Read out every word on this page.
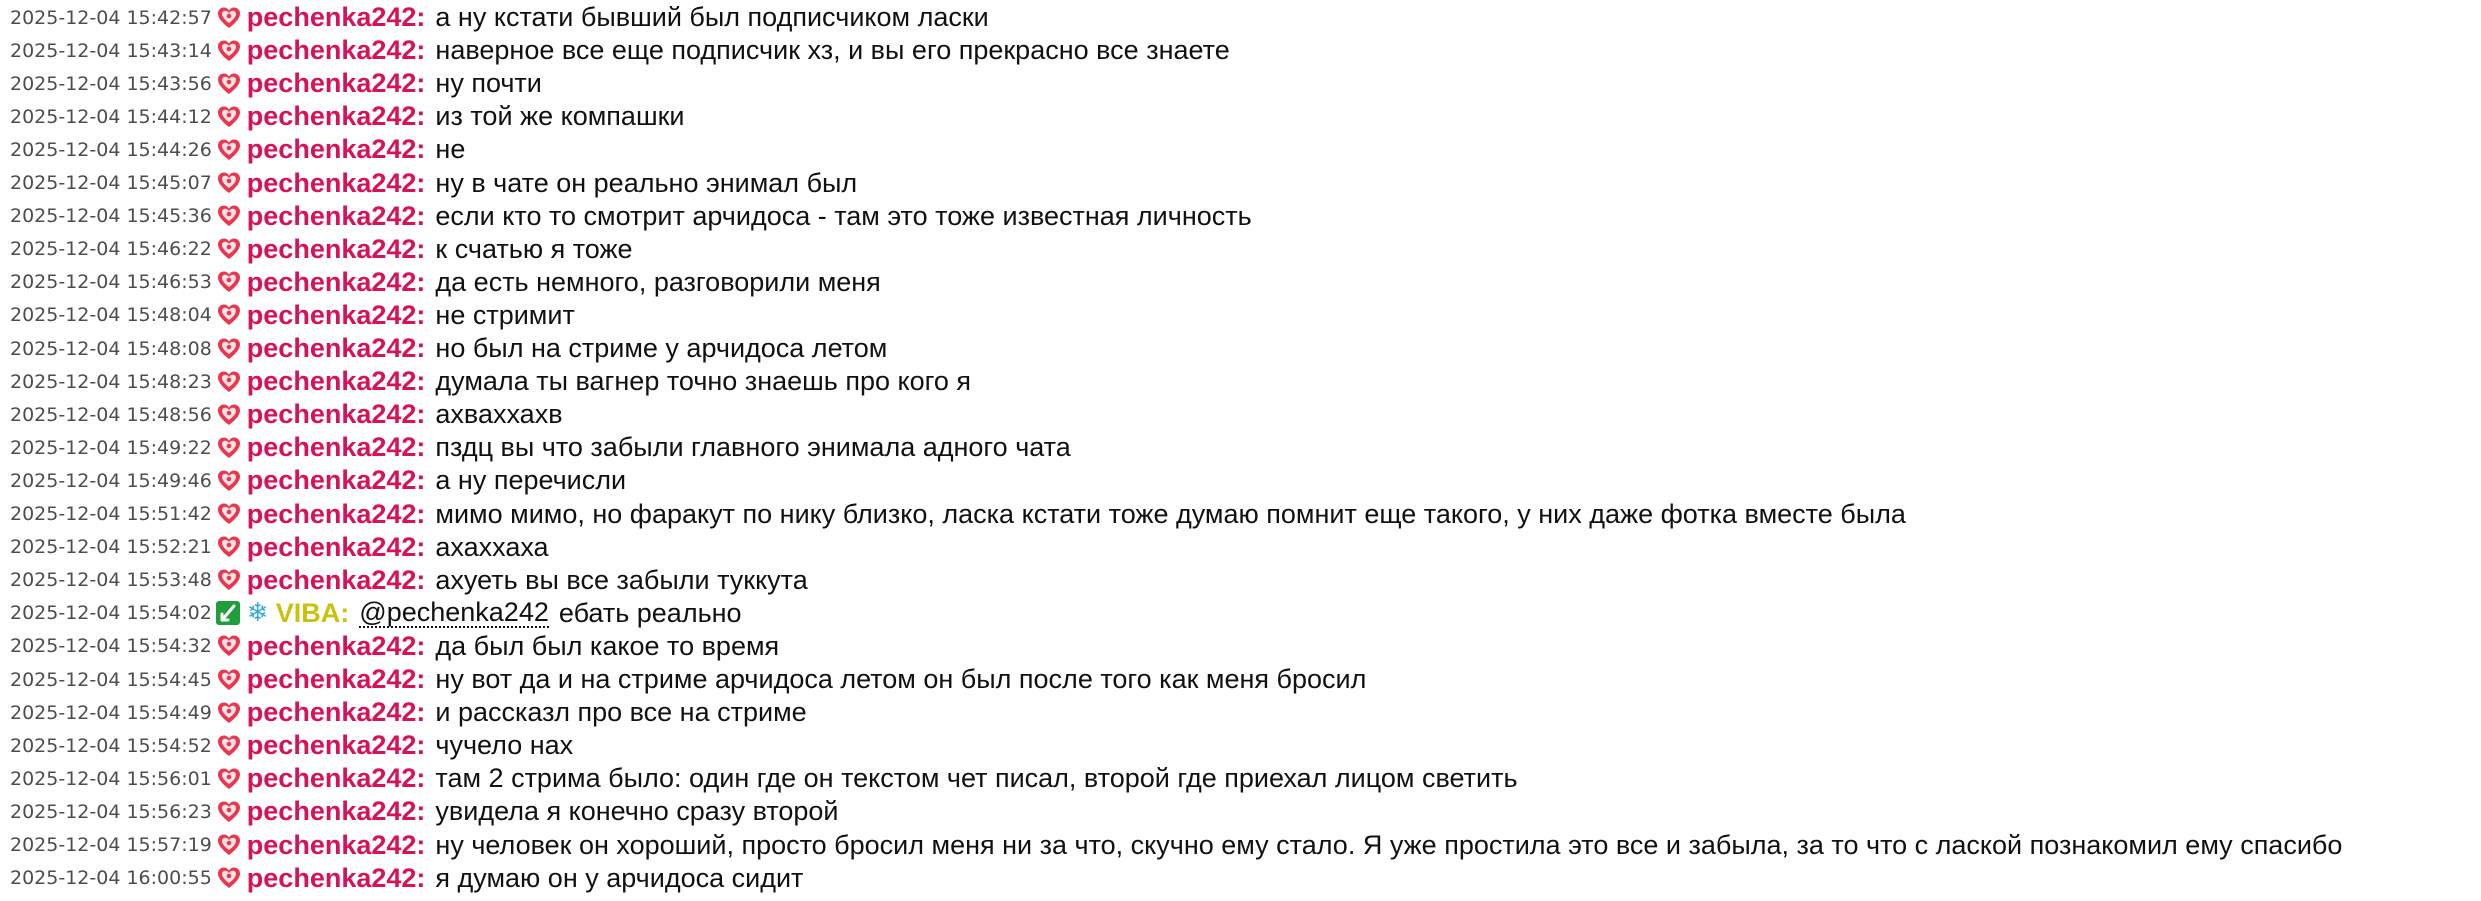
2025-12-04 15:42:57 pechenka242: а ну кстати бывший был подписчиком ласки
2025-12-04 15:43:14 pechenka242: наверное все еще подписчик хз, и вы его прекрасно все знаете
2025-12-04 15:43:56 pechenka242: ну почти
2025-12-04 15:44:12 pechenka242: из той же компашки
2025-12-04 15:44:26 pechenka242: не
2025-12-04 15:45:07 pechenka242: ну в чате он реально энимал был
2025-12-04 15:45:36 pechenka242: если кто то смотрит арчидоса - там это тоже известная личность
2025-12-04 15:46:22 pechenka242: к счатью я тоже
2025-12-04 15:46:53 pechenka242: да есть немного, разговорили меня
2025-12-04 15:48:04 pechenka242: не стримит
2025-12-04 15:48:08 pechenka242: но был на стриме у арчидоса летом
2025-12-04 15:48:23 pechenka242: думала ты вагнер точно знаешь про кого я
2025-12-04 15:48:56 pechenka242: ахваххахв
2025-12-04 15:49:22 pechenka242: пздц вы что забыли главного энимала адного чата
2025-12-04 15:49:46 pechenka242: а ну перечисли
2025-12-04 15:51:42 pechenka242: мимо мимо, но фаракут по нику близко, ласка кстати тоже думаю помнит еще такого, у них даже фотка вместе была
2025-12-04 15:52:21 pechenka242: ахаххаха
2025-12-04 15:53:48 pechenka242: ахуеть вы все забыли туккута
2025-12-04 15:54:02 ❄ VIBA: @pechenka242 ебать реально
2025-12-04 15:54:32 pechenka242: да был был какое то время
2025-12-04 15:54:45 pechenka242: ну вот да и на стриме арчидоса летом он был после того как меня бросил
2025-12-04 15:54:49 pechenka242: и рассказл про все на стриме
2025-12-04 15:54:52 pechenka242: чучело нах
2025-12-04 15:56:01 pechenka242: там 2 стрима было: один где он текстом чет писал, второй где приехал лицом светить
2025-12-04 15:56:23 pechenka242: увидела я конечно сразу второй
2025-12-04 15:57:19 pechenka242: ну человек он хороший, просто бросил меня ни за что, скучно ему стало. Я уже простила это все и забыла, за то что с лаской познакомил ему спасибо
2025-12-04 16:00:55 pechenka242: я думаю он у арчидоса сидит
